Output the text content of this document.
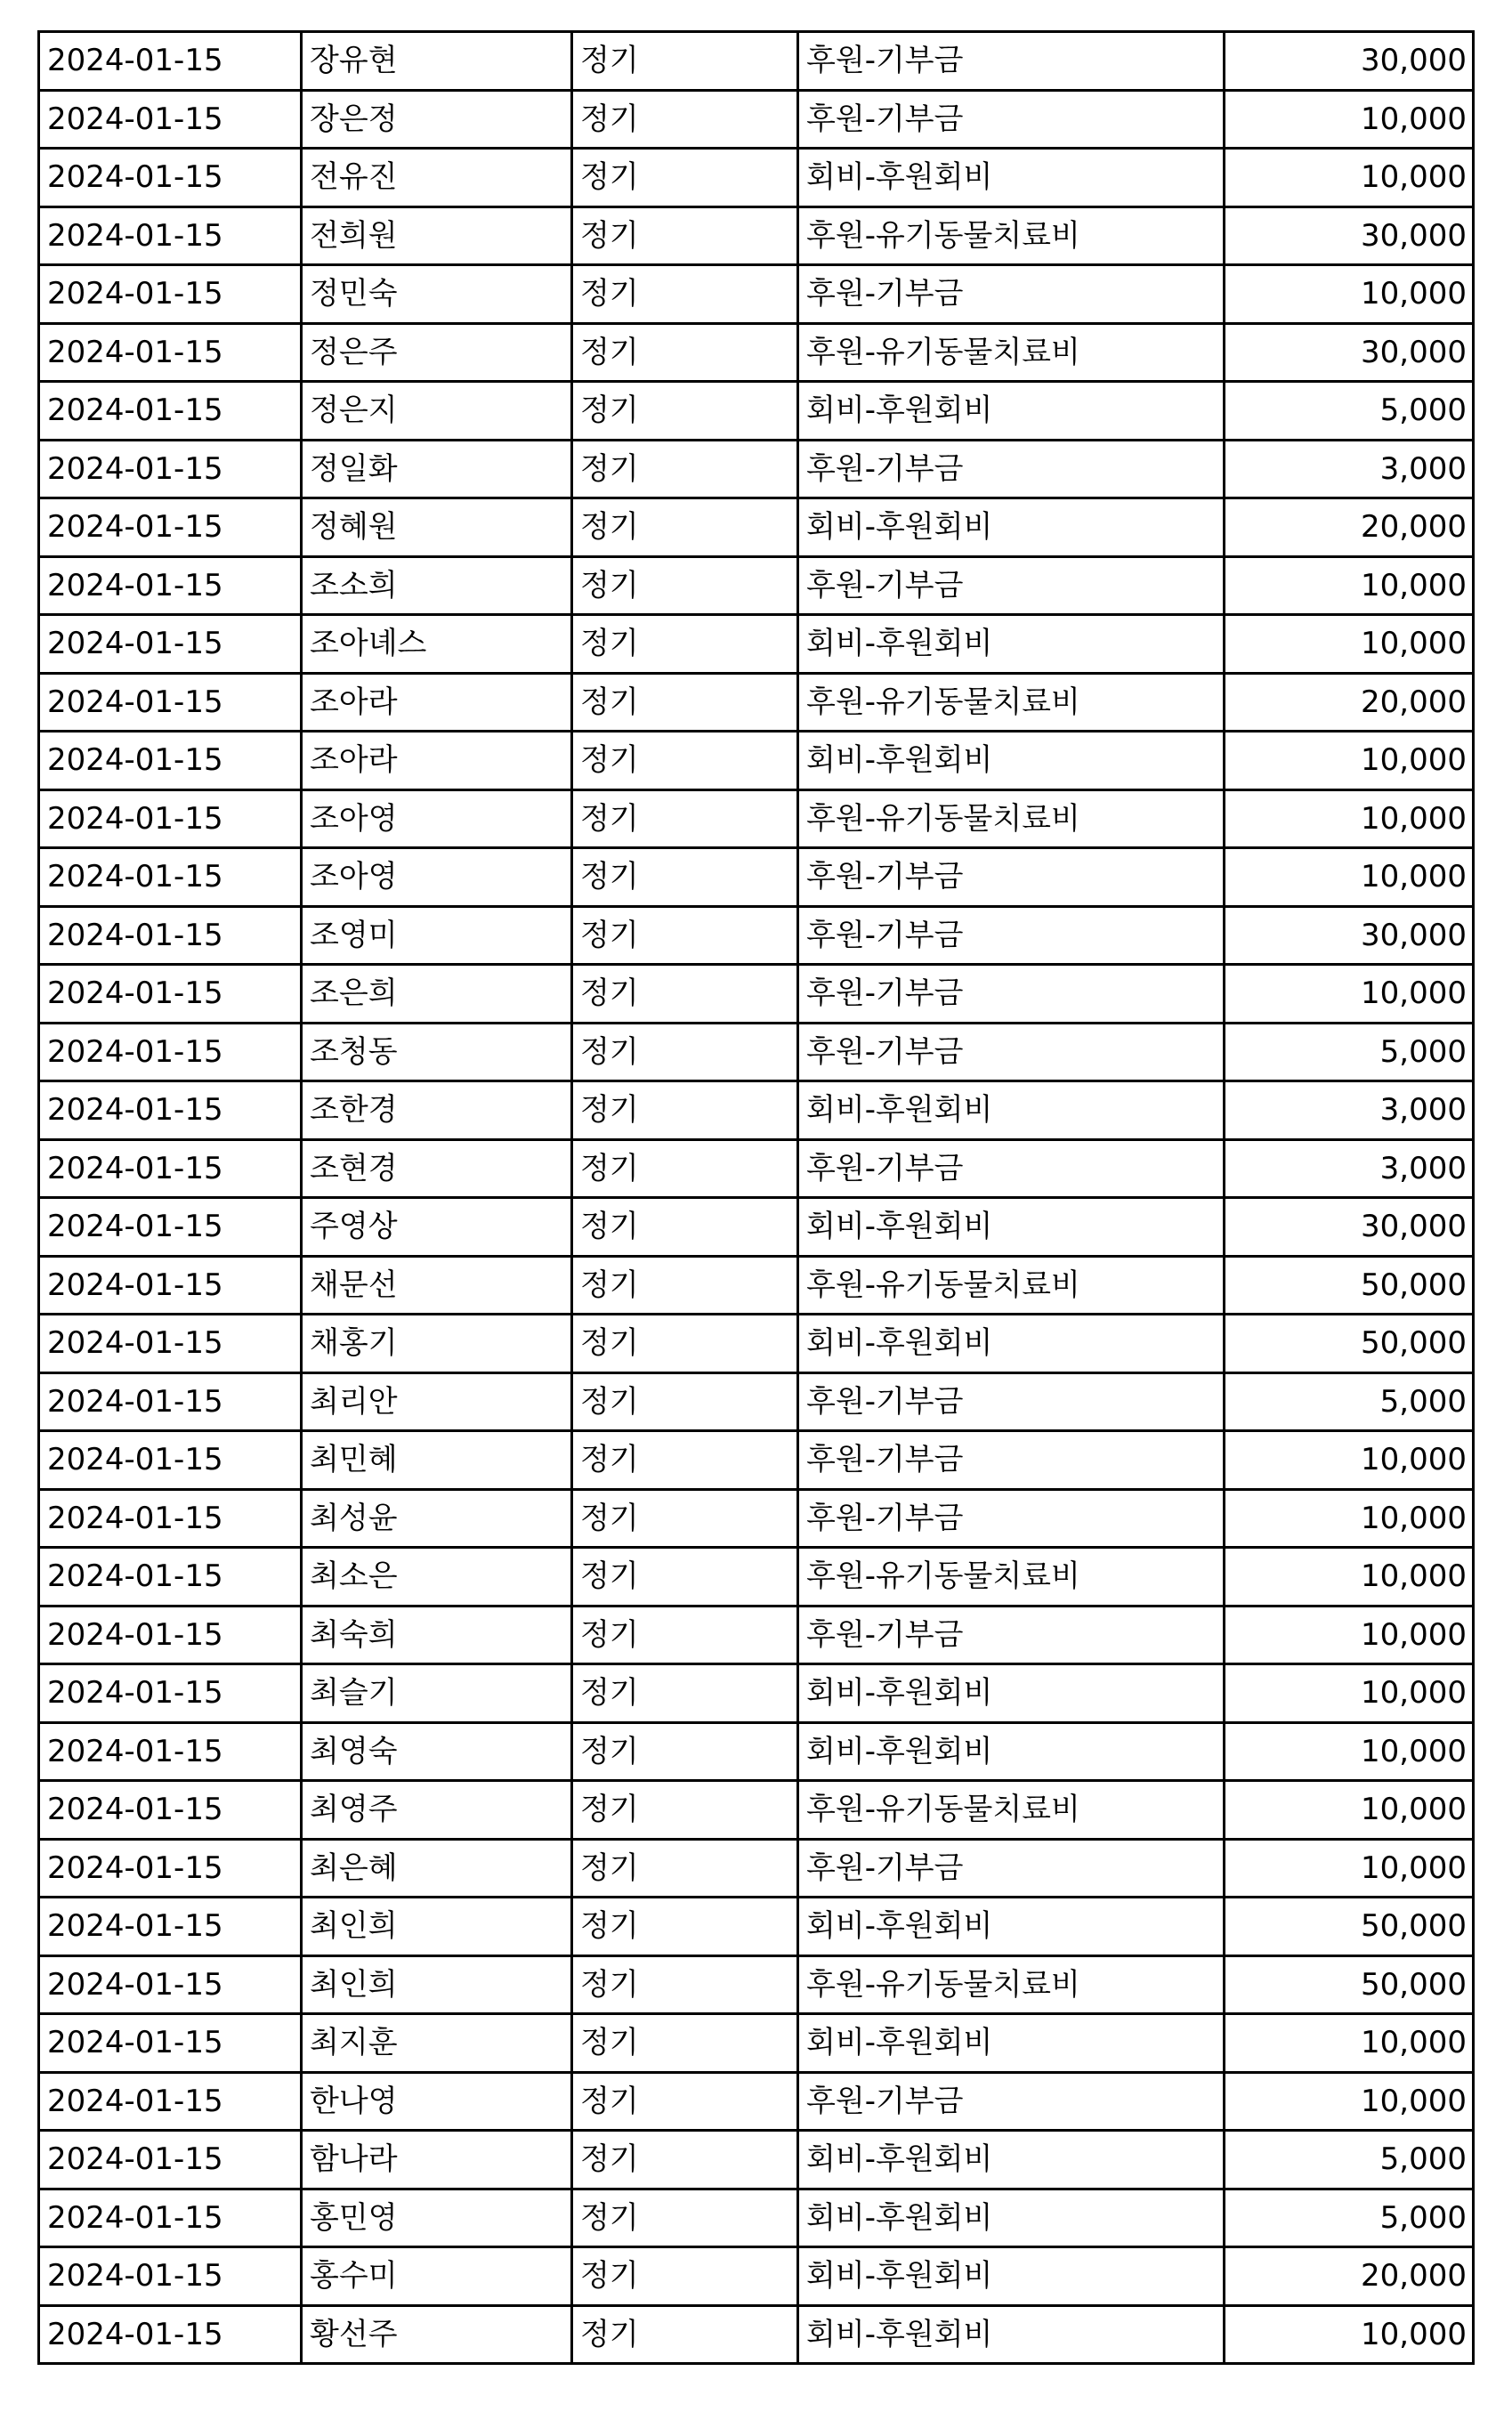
2024-01-15	장유현	정기	후원-기부금	30,000
2024-01-15	장은정	정기	후원-기부금	10,000
2024-01-15	전유진	정기	회비-후원회비	10,000
2024-01-15	전희원	정기	후원-유기동물치료비	30,000
2024-01-15	정민숙	정기	후원-기부금	10,000
2024-01-15	정은주	정기	후원-유기동물치료비	30,000
2024-01-15	정은지	정기	회비-후원회비	5,000
2024-01-15	정일화	정기	후원-기부금	3,000
2024-01-15	정혜원	정기	회비-후원회비	20,000
2024-01-15	조소희	정기	후원-기부금	10,000
2024-01-15	조아녜스	정기	회비-후원회비	10,000
2024-01-15	조아라	정기	후원-유기동물치료비	20,000
2024-01-15	조아라	정기	회비-후원회비	10,000
2024-01-15	조아영	정기	후원-유기동물치료비	10,000
2024-01-15	조아영	정기	후원-기부금	10,000
2024-01-15	조영미	정기	후원-기부금	30,000
2024-01-15	조은희	정기	후원-기부금	10,000
2024-01-15	조청동	정기	후원-기부금	5,000
2024-01-15	조한경	정기	회비-후원회비	3,000
2024-01-15	조현경	정기	후원-기부금	3,000
2024-01-15	주영상	정기	회비-후원회비	30,000
2024-01-15	채문선	정기	후원-유기동물치료비	50,000
2024-01-15	채홍기	정기	회비-후원회비	50,000
2024-01-15	최리안	정기	후원-기부금	5,000
2024-01-15	최민혜	정기	후원-기부금	10,000
2024-01-15	최성윤	정기	후원-기부금	10,000
2024-01-15	최소은	정기	후원-유기동물치료비	10,000
2024-01-15	최숙희	정기	후원-기부금	10,000
2024-01-15	최슬기	정기	회비-후원회비	10,000
2024-01-15	최영숙	정기	회비-후원회비	10,000
2024-01-15	최영주	정기	후원-유기동물치료비	10,000
2024-01-15	최은혜	정기	후원-기부금	10,000
2024-01-15	최인희	정기	회비-후원회비	50,000
2024-01-15	최인희	정기	후원-유기동물치료비	50,000
2024-01-15	최지훈	정기	회비-후원회비	10,000
2024-01-15	한나영	정기	후원-기부금	10,000
2024-01-15	함나라	정기	회비-후원회비	5,000
2024-01-15	홍민영	정기	회비-후원회비	5,000
2024-01-15	홍수미	정기	회비-후원회비	20,000
2024-01-15	황선주	정기	회비-후원회비	10,000
